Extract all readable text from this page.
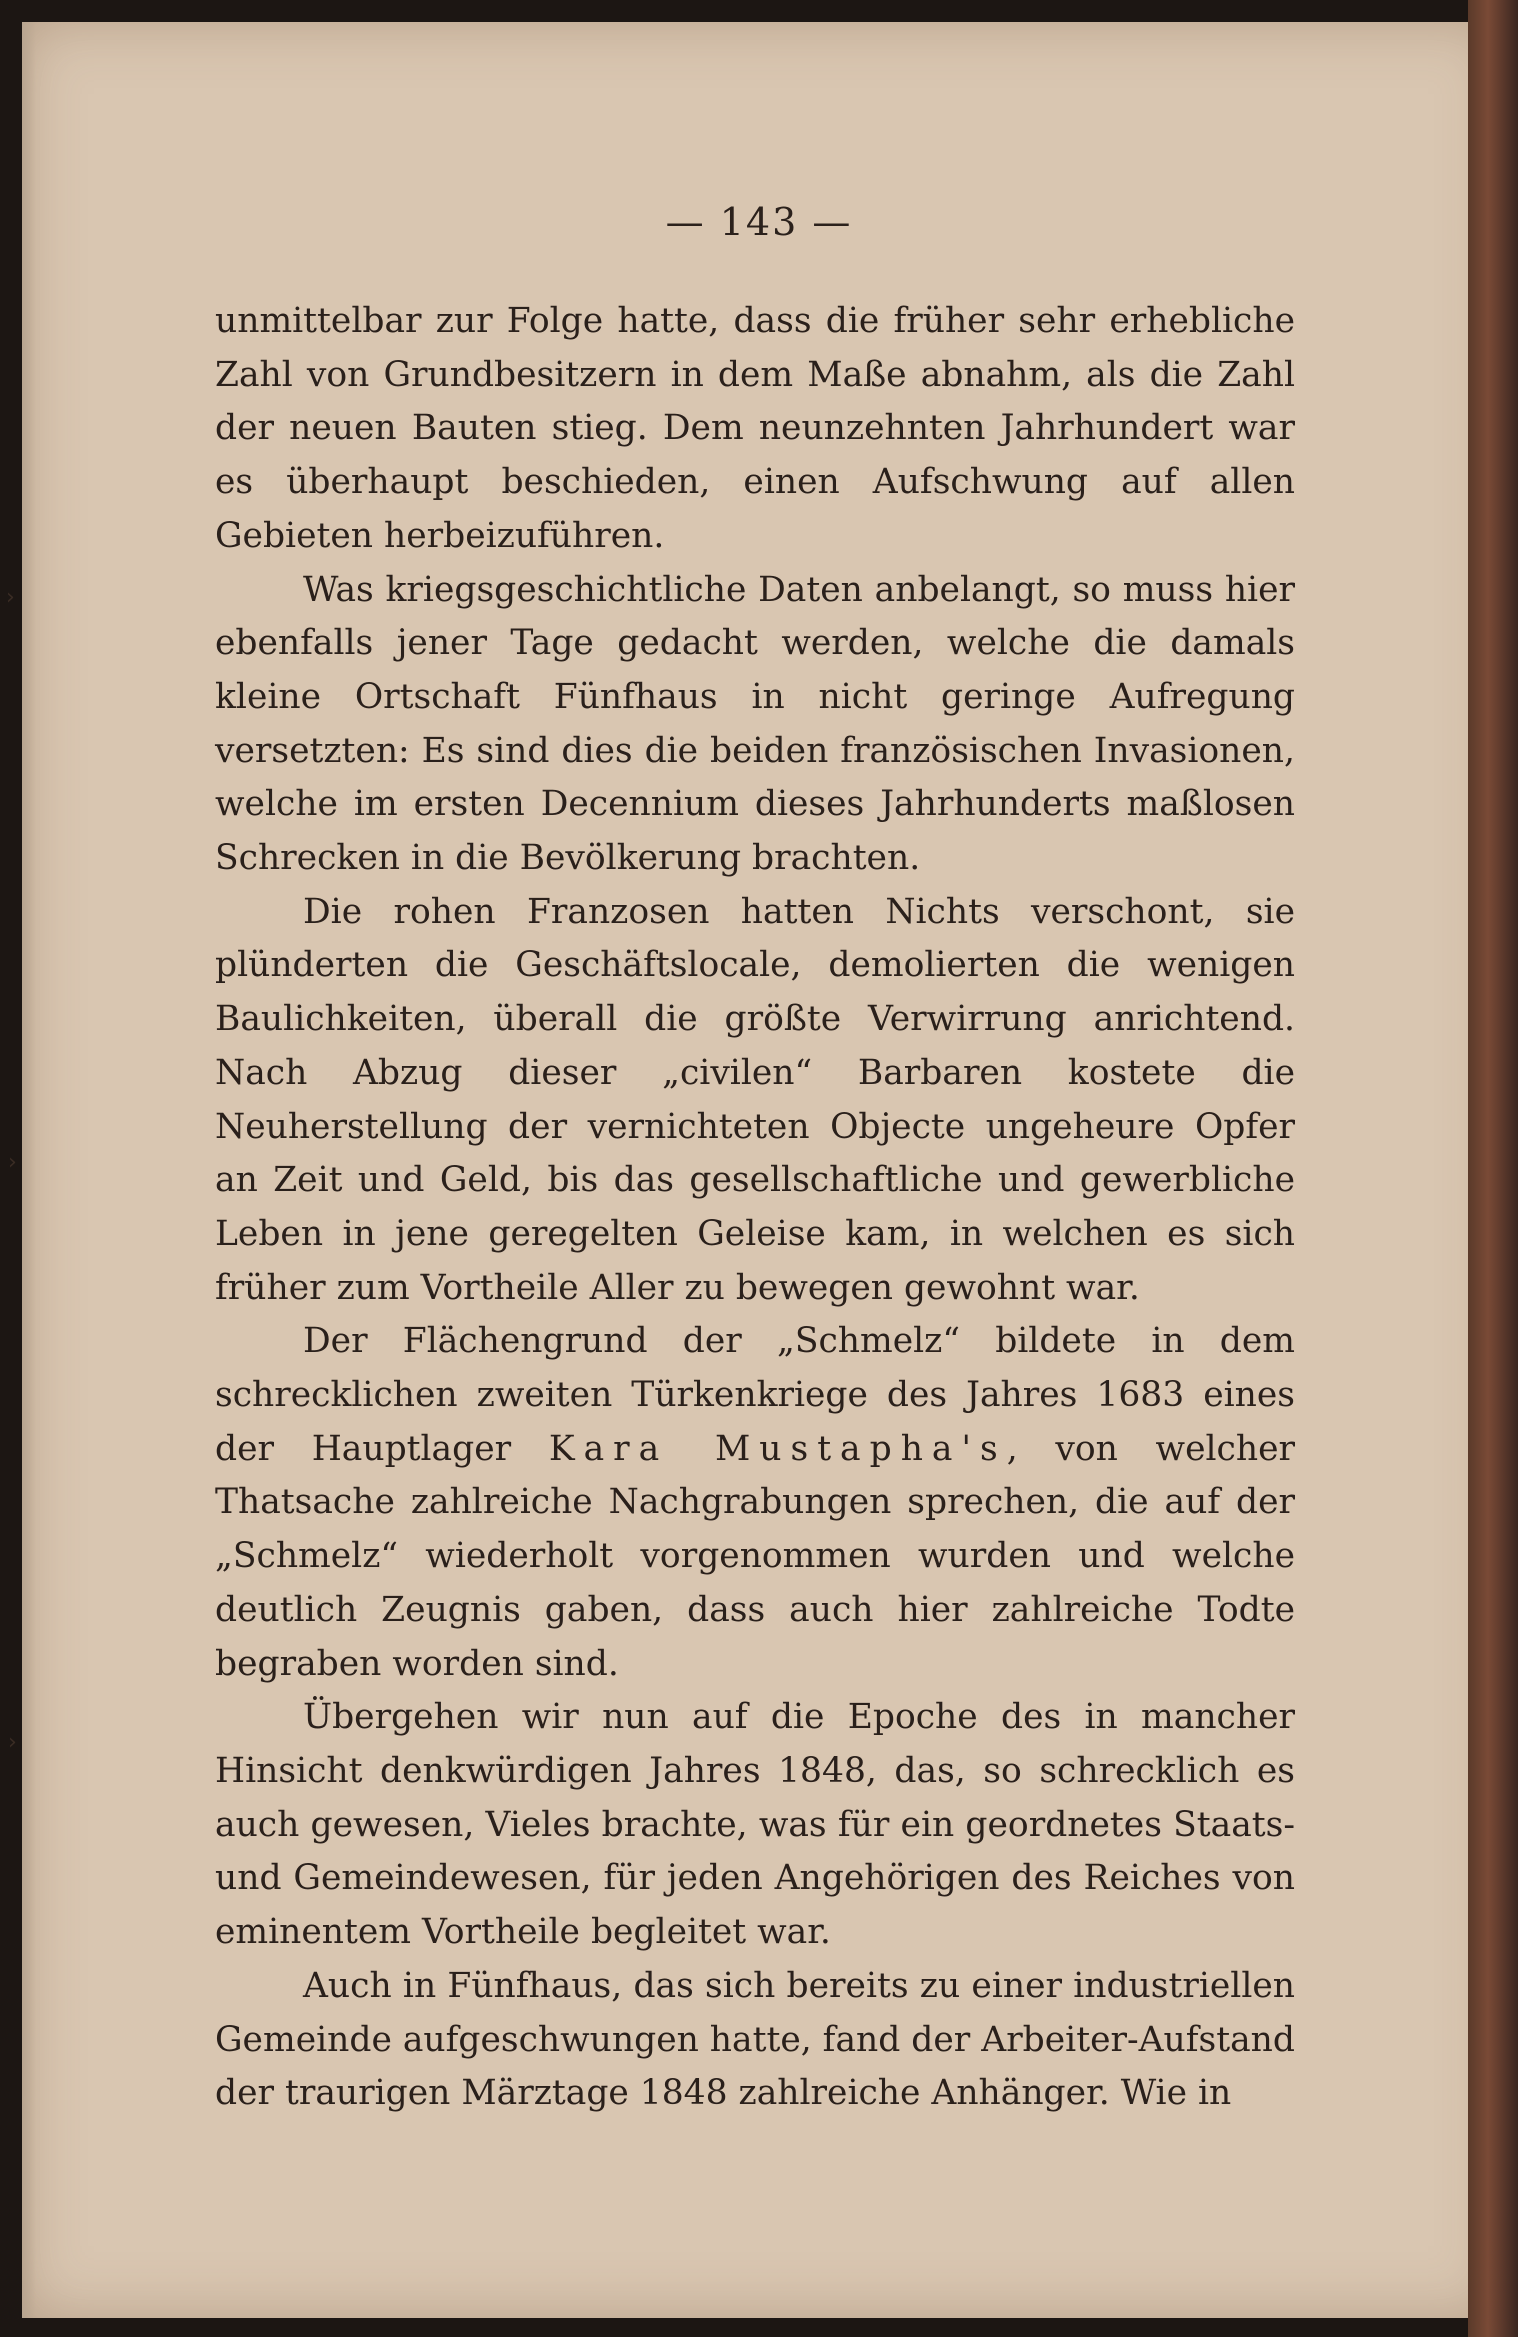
›
›
›
— 143 —

unmittelbar zur Folge hatte, dass die früher sehr erhebliche Zahl von Grundbesitzern in dem Maße abnahm, als die Zahl der neuen Bauten stieg. Dem neunzehnten Jahrhundert war es überhaupt beschieden, einen Aufschwung auf allen Gebieten herbeizuführen.

Was kriegsgeschichtliche Daten anbelangt, so muss hier ebenfalls jener Tage gedacht werden, welche die damals kleine Ortschaft Fünfhaus in nicht geringe Aufregung versetzten: Es sind dies die beiden französischen Invasionen, welche im ersten Decennium dieses Jahrhunderts maßlosen Schrecken in die Bevölkerung brachten.

Die rohen Franzosen hatten Nichts verschont, sie plünderten die Geschäftslocale, demolierten die wenigen Baulichkeiten, überall die größte Verwirrung anrichtend. Nach Abzug dieser „civilen“ Barbaren kostete die Neuherstellung der vernichteten Objecte ungeheure Opfer an Zeit und Geld, bis das gesellschaftliche und gewerbliche Leben in jene geregelten Geleise kam, in welchen es sich früher zum Vortheile Aller zu bewegen gewohnt war.

Der Flächengrund der „Schmelz“ bildete in dem schrecklichen zweiten Türkenkriege des Jahres 1683 eines der Hauptlager Kara Mustapha's, von welcher Thatsache zahlreiche Nachgrabungen sprechen, die auf der „Schmelz“ wiederholt vorgenommen wurden und welche deutlich Zeugnis gaben, dass auch hier zahlreiche Todte begraben worden sind.

Übergehen wir nun auf die Epoche des in mancher Hinsicht denkwürdigen Jahres 1848, das, so schrecklich es auch gewesen, Vieles brachte, was für ein geordnetes Staats- und Gemeindewesen, für jeden Angehörigen des Reiches von eminentem Vortheile begleitet war.

Auch in Fünfhaus, das sich bereits zu einer industriellen Gemeinde aufgeschwungen hatte, fand der Arbeiter-Aufstand der traurigen Märztage 1848 zahlreiche Anhänger. Wie in
